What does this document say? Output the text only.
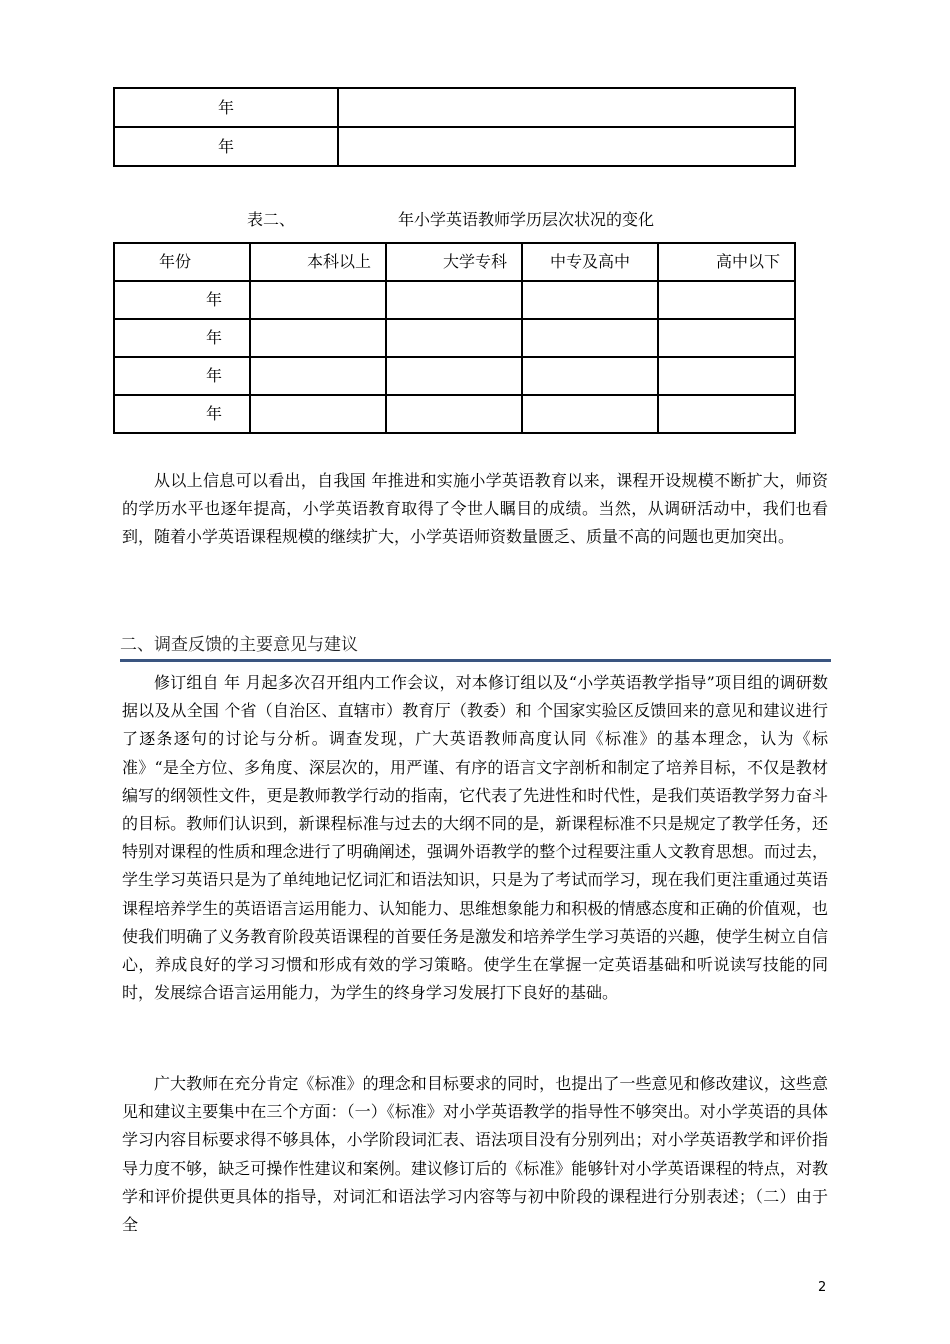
年	
年	
表二、	年小学英语教师学历层次状况的变化
年份	本科以上	大学专科	中专及高中	高中以下
年				
年				
年				
年				

从以上信息可以看出，自我国 年推进和实施小学英语教育以来，课程开设规模不断扩大，师资的学历水平也逐年提高，小学英语教育取得了令世人瞩目的成绩。当然，从调研活动中，我们也看到，随着小学英语课程规模的继续扩大，小学英语师资数量匮乏、质量不高的问题也更加突出。

二、调查反馈的主要意见与建议

修订组自 年 月起多次召开组内工作会议，对本修订组以及“小学英语教学指导”项目组的调研数据以及从全国 个省（自治区、直辖市）教育厅（教委）和 个国家实验区反馈回来的意见和建议进行了逐条逐句的讨论与分析。调查发现，广大英语教师高度认同《标准》的基本理念，认为《标准》“是全方位、多角度、深层次的，用严谨、有序的语言文字剖析和制定了培养目标，不仅是教材编写的纲领性文件，更是教师教学行动的指南，它代表了先进性和时代性，是我们英语教学努力奋斗的目标。教师们认识到，新课程标准与过去的大纲不同的是，新课程标准不只是规定了教学任务，还特别对课程的性质和理念进行了明确阐述，强调外语教学的整个过程要注重人文教育思想。而过去，学生学习英语只是为了单纯地记忆词汇和语法知识，只是为了考试而学习，现在我们更注重通过英语课程培养学生的英语语言运用能力、认知能力、思维想象能力和积极的情感态度和正确的价值观，也使我们明确了义务教育阶段英语课程的首要任务是激发和培养学生学习英语的兴趣，使学生树立自信心，养成良好的学习习惯和形成有效的学习策略。使学生在掌握一定英语基础和听说读写技能的同时，发展综合语言运用能力，为学生的终身学习发展打下良好的基础。

广大教师在充分肯定《标准》的理念和目标要求的同时，也提出了一些意见和修改建议，这些意见和建议主要集中在三个方面：（一）《标准》对小学英语教学的指导性不够突出。对小学英语的具体学习内容目标要求得不够具体，小学阶段词汇表、语法项目没有分别列出；对小学英语教学和评价指导力度不够，缺乏可操作性建议和案例。建议修订后的《标准》能够针对小学英语课程的特点，对教学和评价提供更具体的指导，对词汇和语法学习内容等与初中阶段的课程进行分别表述；（二）由于全

2
